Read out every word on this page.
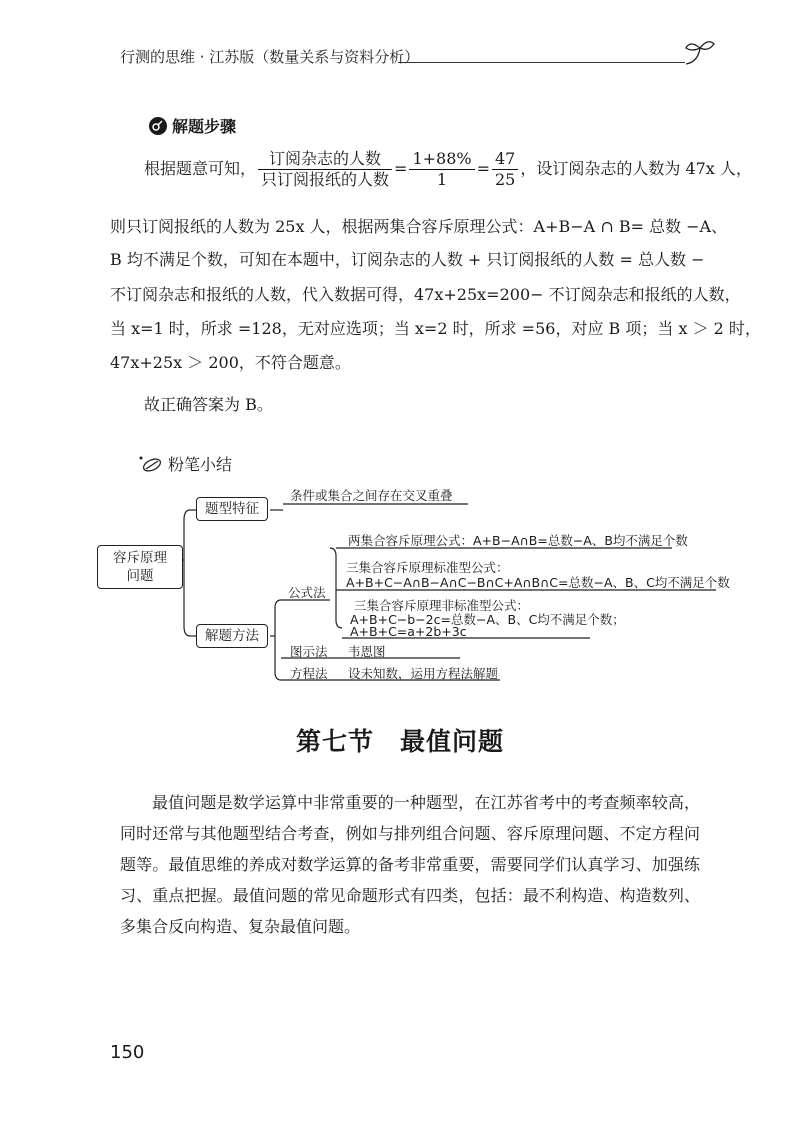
行测的思维 · 江苏版（数量关系与资料分析）
解题步骤
根据题意可知， $\frac{\text{订阅杂志的人数}}{\text{只订阅报纸的人数}} = \frac{1+88\%}{1} = \frac{47}{25}$ ，设订阅杂志的人数为 47x 人，
则只订阅报纸的人数为 25x 人，根据两集合容斥原理公式：A+B−A ∩ B= 总数 −A、
B 均不满足个数，可知在本题中，订阅杂志的人数 + 只订阅报纸的人数 = 总人数 −
不订阅杂志和报纸的人数，代入数据可得，47x+25x=200− 不订阅杂志和报纸的人数，
当 x=1 时，所求 =128，无对应选项；当 x=2 时，所求 =56，对应 B 项；当 x ＞ 2 时，
47x+25x ＞ 200，不符合题意。
故正确答案为 B。
粉笔小结
容斥原理
问题
题型特征
条件或集合之间存在交叉重叠
解题方法
公式法
两集合容斥原理公式：A+B−A∩B=总数−A、B均不满足个数
三集合容斥原理标准型公式：
A+B+C−A∩B−A∩C−B∩C+A∩B∩C=总数−A、B、C均不满足个数
三集合容斥原理非标准型公式：
A+B+C−b−2c=总数−A、B、C均不满足个数；
A+B+C=a+2b+3c
图示法 韦恩图
方程法 设未知数，运用方程法解题
第七节　最值问题
最值问题是数学运算中非常重要的一种题型，在江苏省考中的考查频率较高，同时还常与其他题型结合考查，例如与排列组合问题、容斥原理问题、不定方程问题等。最值思维的养成对数学运算的备考非常重要，需要同学们认真学习、加强练习、重点把握。最值问题的常见命题形式有四类，包括：最不利构造、构造数列、多集合反向构造、复杂最值问题。
150
